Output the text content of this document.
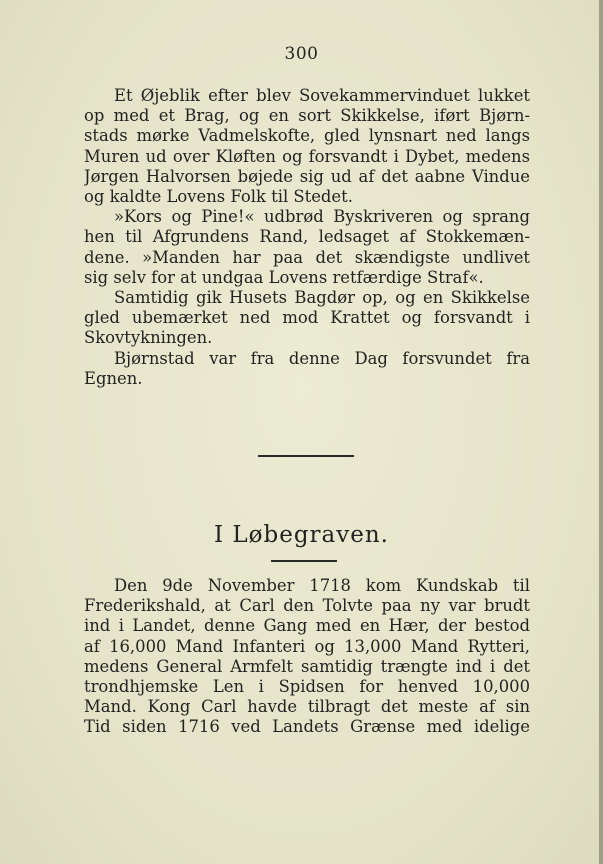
300
Et Øjeblik efter blev Sovekammervinduet lukket
op med et Brag, og en sort Skikkelse, iført Bjørn-
stads mørke Vadmelskofte, gled lynsnart ned langs
Muren ud over Kløften og forsvandt i Dybet, medens
Jørgen Halvorsen bøjede sig ud af det aabne Vindue
og kaldte Lovens Folk til Stedet.
»Kors og Pine!« udbrød Byskriveren og sprang
hen til Afgrundens Rand, ledsaget af Stokkemæn-
dene. »Manden har paa det skændigste undlivet
sig selv for at undgaa Lovens retfærdige Straf«.
Samtidig gik Husets Bagdør op, og en Skikkelse
gled ubemærket ned mod Krattet og forsvandt i
Skovtykningen.
Bjørnstad var fra denne Dag forsvundet fra
Egnen.
I Løbegraven.
Den 9de November 1718 kom Kundskab til
Frederikshald, at Carl den Tolvte paa ny var brudt
ind i Landet, denne Gang med en Hær, der bestod
af 16,000 Mand Infanteri og 13,000 Mand Rytteri,
medens General Armfelt samtidig trængte ind i det
trondhjemske Len i Spidsen for henved 10,000
Mand. Kong Carl havde tilbragt det meste af sin
Tid siden 1716 ved Landets Grænse med idelige
